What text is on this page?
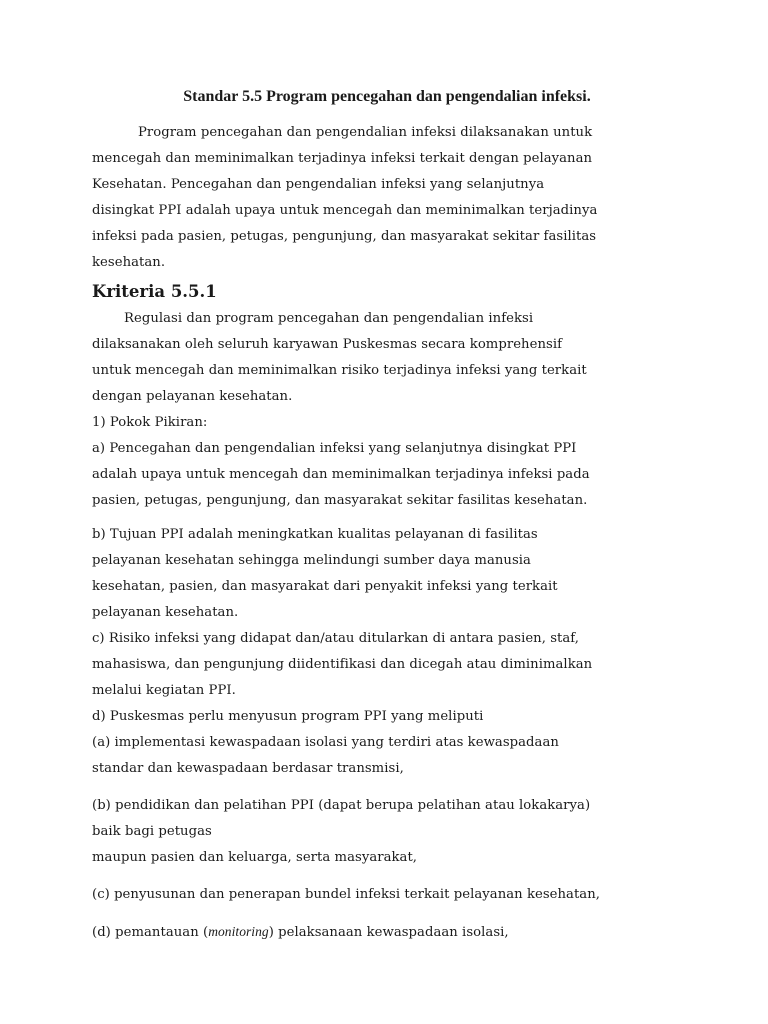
Standar 5.5 Program pencegahan dan pengendalian infeksi.

Program pencegahan dan pengendalian infeksi dilaksanakan untuk
mencegah dan meminimalkan terjadinya infeksi terkait dengan pelayanan
Kesehatan. Pencegahan dan pengendalian infeksi yang selanjutnya
disingkat PPI adalah upaya untuk mencegah dan meminimalkan terjadinya
infeksi pada pasien, petugas, pengunjung, dan masyarakat sekitar fasilitas
kesehatan.

Kriteria 5.5.1

Regulasi dan program pencegahan dan pengendalian infeksi
dilaksanakan oleh seluruh karyawan Puskesmas secara komprehensif
untuk mencegah dan meminimalkan risiko terjadinya infeksi yang terkait
dengan pelayanan kesehatan.

1) Pokok Pikiran:

a) Pencegahan dan pengendalian infeksi yang selanjutnya disingkat PPI
adalah upaya untuk mencegah dan meminimalkan terjadinya infeksi pada
pasien, petugas, pengunjung, dan masyarakat sekitar fasilitas kesehatan.

b) Tujuan PPI adalah meningkatkan kualitas pelayanan di fasilitas
pelayanan kesehatan sehingga melindungi sumber daya manusia
kesehatan, pasien, dan masyarakat dari penyakit infeksi yang terkait
pelayanan kesehatan.

c) Risiko infeksi yang didapat dan/atau ditularkan di antara pasien, staf,
mahasiswa, dan pengunjung diidentifikasi dan dicegah atau diminimalkan
melalui kegiatan PPI.

d) Puskesmas perlu menyusun program PPI yang meliputi
(a) implementasi kewaspadaan isolasi yang terdiri atas kewaspadaan
standar dan kewaspadaan berdasar transmisi,

(b) pendidikan dan pelatihan PPI (dapat berupa pelatihan atau lokakarya)
baik bagi petugas
maupun pasien dan keluarga, serta masyarakat,

(c) penyusunan dan penerapan bundel infeksi terkait pelayanan kesehatan,

(d) pemantauan (monitoring) pelaksanaan kewaspadaan isolasi,
